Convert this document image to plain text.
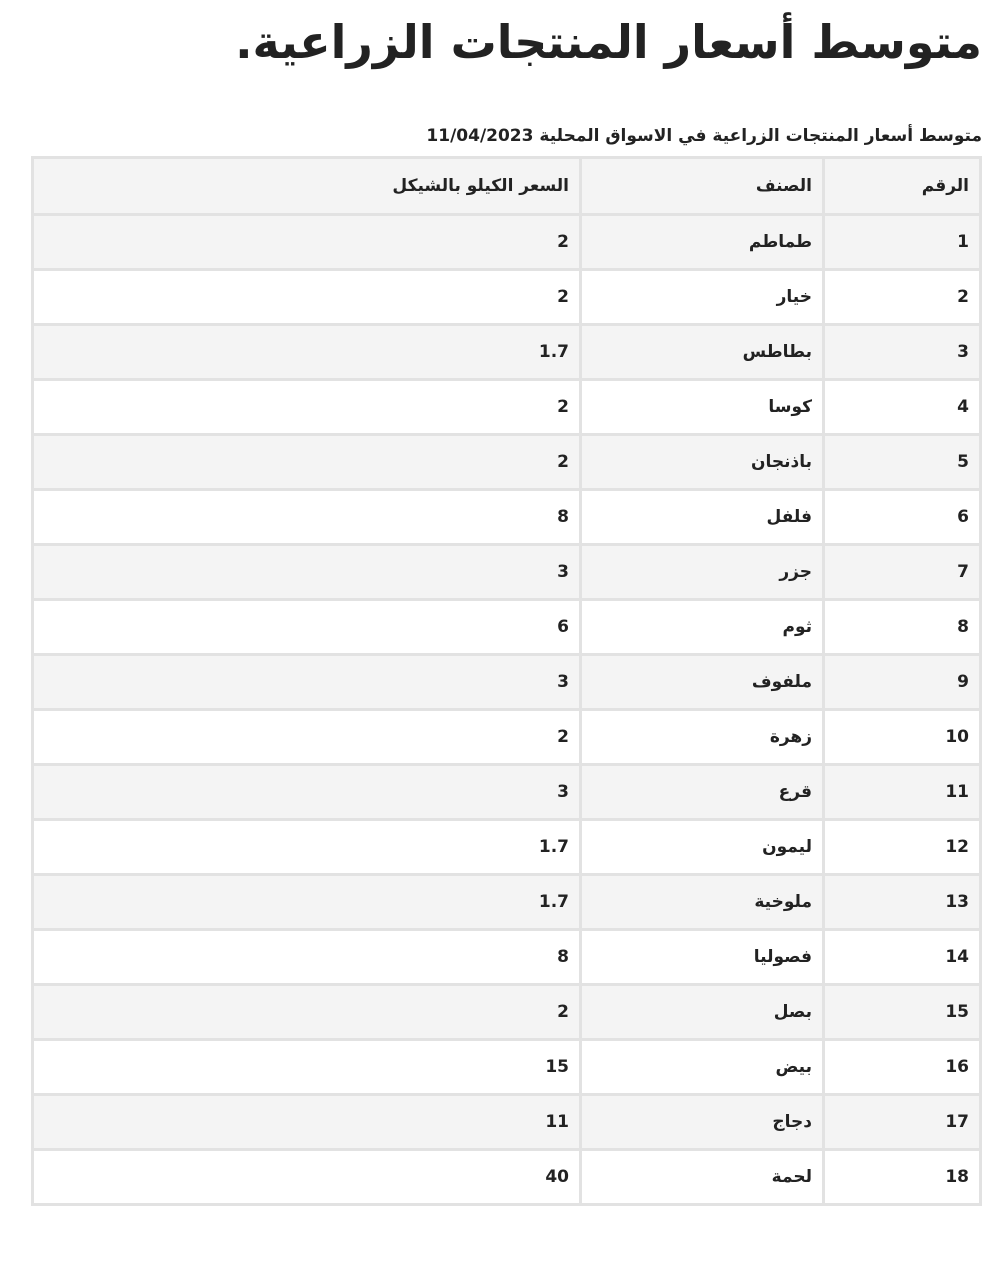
متوسط أسعار المنتجات الزراعية.
متوسط أسعار المنتجات الزراعية في الاسواق المحلية 11/04/2023
الرقم	الصنف	السعر الكيلو بالشيكل
1	طماطم	2
2	خيار	2
3	بطاطس	1.7
4	كوسا	2
5	باذنجان	2
6	فلفل	8
7	جزر	3
8	ثوم	6
9	ملفوف	3
10	زهرة	2
11	قرع	3
12	ليمون	1.7
13	ملوخية	1.7
14	فصوليا	8
15	بصل	2
16	بيض	15
17	دجاج	11
18	لحمة	40
